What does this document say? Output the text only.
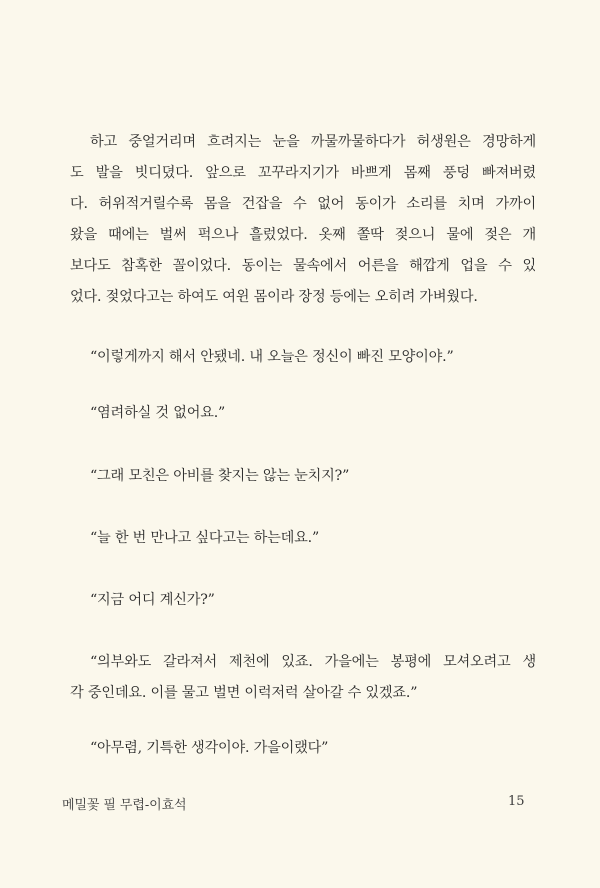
하고 중얼거리며 흐려지는 눈을 까물까물하다가 허생원은 경망하게
도 발을 빗디뎠다. 앞으로 꼬꾸라지기가 바쁘게 몸째 풍덩 빠져버렸
다. 허위적거릴수록 몸을 건잡을 수 없어 동이가 소리를 치며 가까이
왔을 때에는 벌써 퍽으나 흘렀었다. 옷째 쫄딱 젖으니 물에 젖은 개
보다도 참혹한 꼴이었다. 동이는 물속에서 어른을 해깝게 업을 수 있
었다. 젖었다고는 하여도 여윈 몸이라 장정 등에는 오히려 가벼웠다.
“이렇게까지 해서 안됐네. 내 오늘은 정신이 빠진 모양이야.”
“염려하실 것 없어요.”
“그래 모친은 아비를 찾지는 않는 눈치지?”
“늘 한 번 만나고 싶다고는 하는데요.”
“지금 어디 계신가?”
“의부와도 갈라져서 제천에 있죠. 가을에는 봉평에 모셔오려고 생
각 중인데요. 이를 물고 벌면 이럭저럭 살아갈 수 있겠죠.”
“아무렴, 기특한 생각이야. 가을이랬다”
메밀꽃 필 무렵-이효석	15
